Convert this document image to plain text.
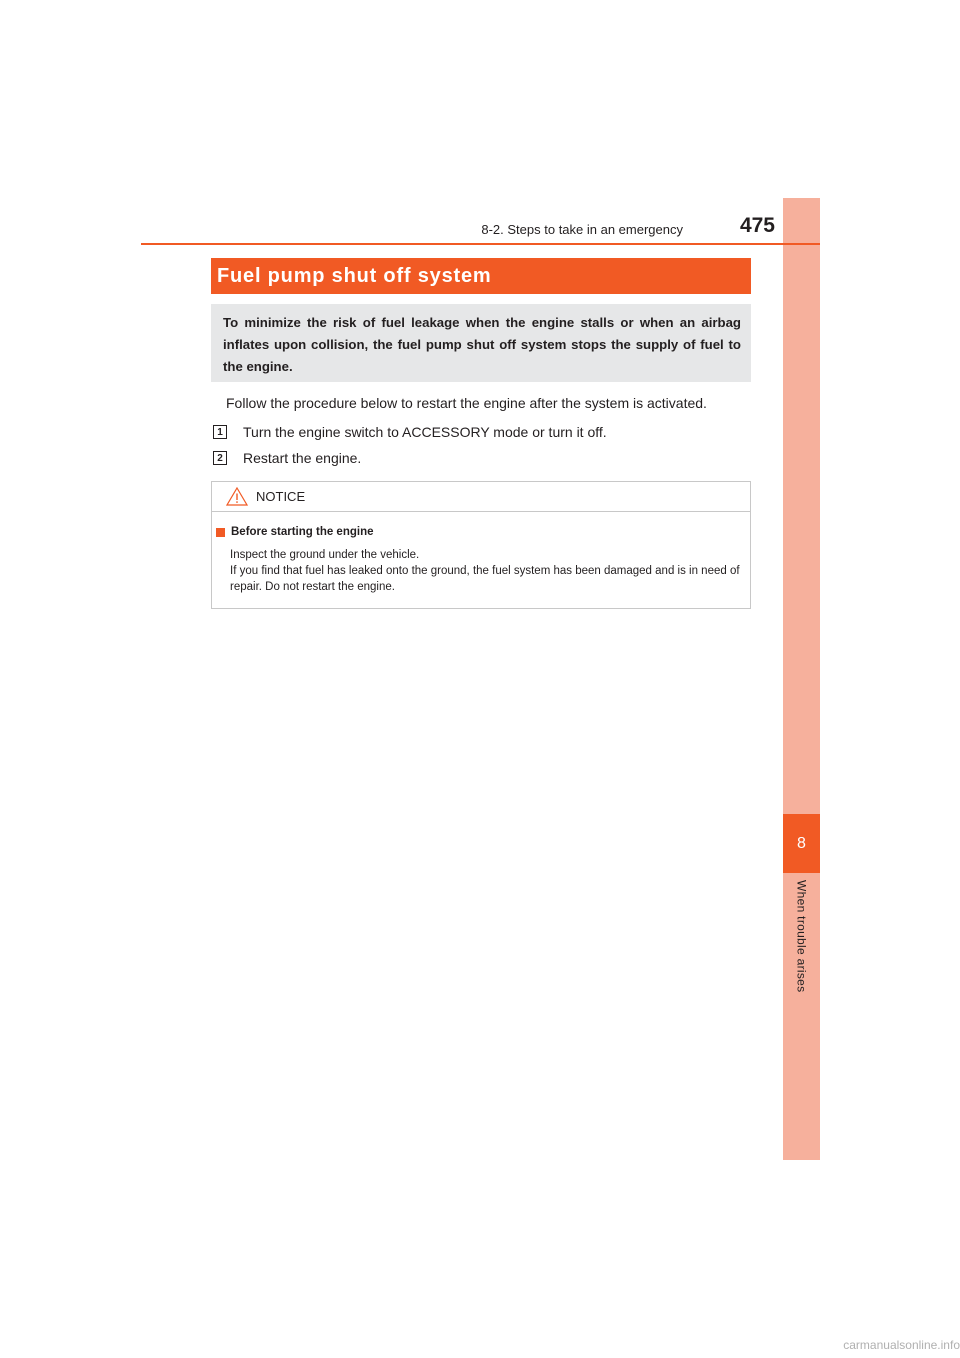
8
When trouble arises
8-2. Steps to take in an emergency	475
Fuel pump shut off system
To minimize the risk of fuel leakage when the engine stalls or when an airbag inflates upon collision, the fuel pump shut off system stops the supply of fuel to the engine.
Follow the procedure below to restart the engine after the system is activated.
1	Turn the engine switch to ACCESSORY mode or turn it off.
2	Restart the engine.
NOTICE
Before starting the engine

Inspect the ground under the vehicle.

If you find that fuel has leaked onto the ground, the fuel system has been damaged and is in need of repair. Do not restart the engine.

carmanualsonline.info
